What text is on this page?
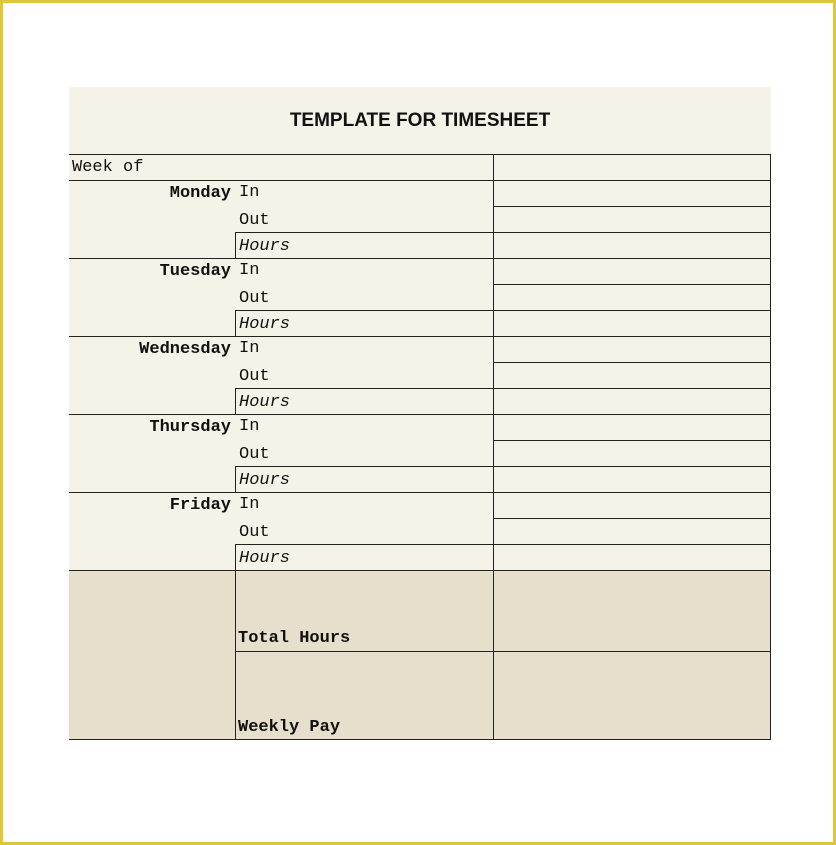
TEMPLATE FOR TIMESHEET
Week of
Monday In
Out
Hours
Tuesday In
Out
Hours
Wednesday In
Out
Hours
Thursday In
Out
Hours
Friday In
Out
Hours
Total Hours
Weekly Pay
